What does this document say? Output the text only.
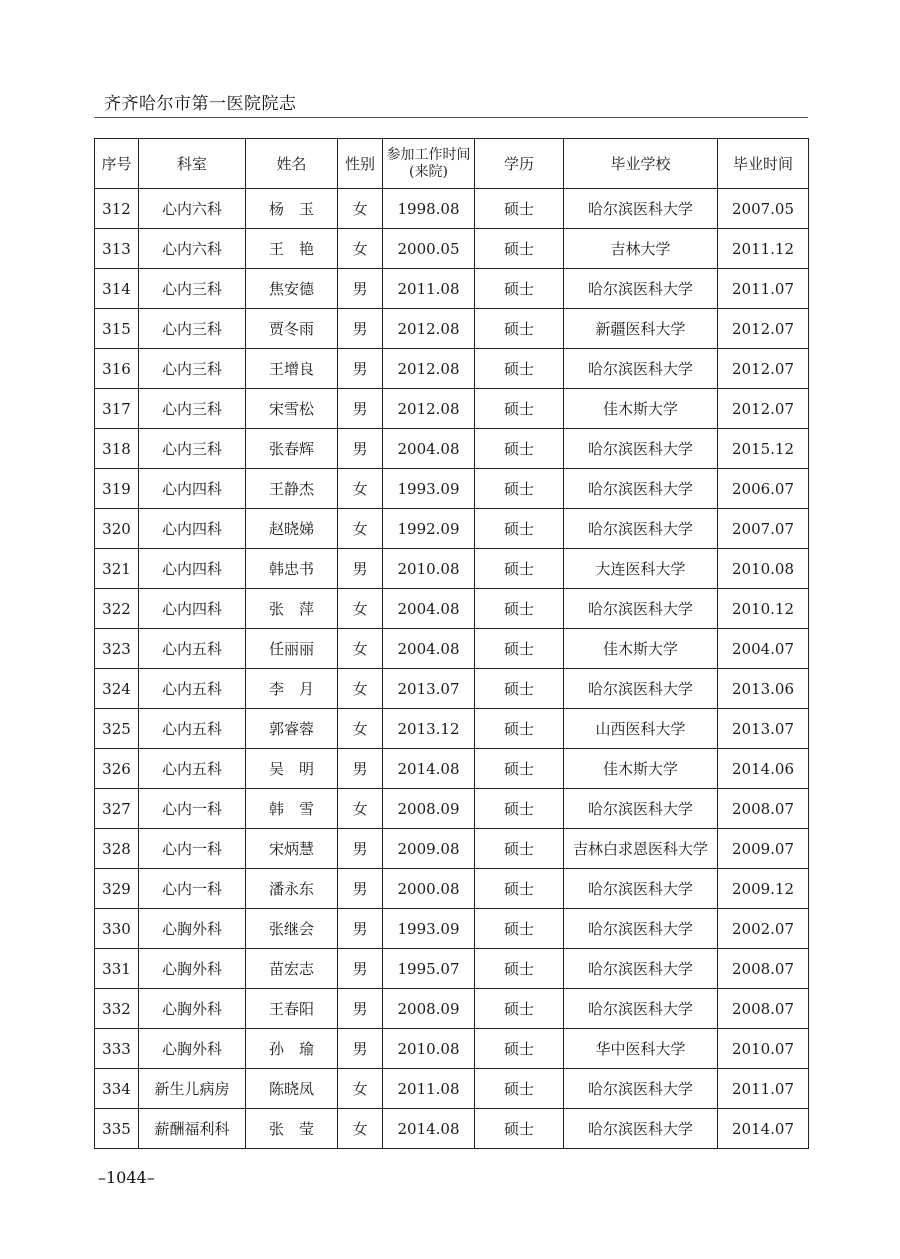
齐齐哈尔市第一医院院志
序号	科室	姓名	性别	参加工作时间(来院)	学历	毕业学校	毕业时间
312	心内六科	杨　玉	女	1998.08	硕士	哈尔滨医科大学	2007.05
313	心内六科	王　艳	女	2000.05	硕士	吉林大学	2011.12
314	心内三科	焦安德	男	2011.08	硕士	哈尔滨医科大学	2011.07
315	心内三科	贾冬雨	男	2012.08	硕士	新疆医科大学	2012.07
316	心内三科	王增良	男	2012.08	硕士	哈尔滨医科大学	2012.07
317	心内三科	宋雪松	男	2012.08	硕士	佳木斯大学	2012.07
318	心内三科	张春辉	男	2004.08	硕士	哈尔滨医科大学	2015.12
319	心内四科	王静杰	女	1993.09	硕士	哈尔滨医科大学	2006.07
320	心内四科	赵晓娣	女	1992.09	硕士	哈尔滨医科大学	2007.07
321	心内四科	韩忠书	男	2010.08	硕士	大连医科大学	2010.08
322	心内四科	张　萍	女	2004.08	硕士	哈尔滨医科大学	2010.12
323	心内五科	任丽丽	女	2004.08	硕士	佳木斯大学	2004.07
324	心内五科	李　月	女	2013.07	硕士	哈尔滨医科大学	2013.06
325	心内五科	郭睿蓉	女	2013.12	硕士	山西医科大学	2013.07
326	心内五科	吴　明	男	2014.08	硕士	佳木斯大学	2014.06
327	心内一科	韩　雪	女	2008.09	硕士	哈尔滨医科大学	2008.07
328	心内一科	宋炳慧	男	2009.08	硕士	吉林白求恩医科大学	2009.07
329	心内一科	潘永东	男	2000.08	硕士	哈尔滨医科大学	2009.12
330	心胸外科	张继会	男	1993.09	硕士	哈尔滨医科大学	2002.07
331	心胸外科	苗宏志	男	1995.07	硕士	哈尔滨医科大学	2008.07
332	心胸外科	王春阳	男	2008.09	硕士	哈尔滨医科大学	2008.07
333	心胸外科	孙　瑜	男	2010.08	硕士	华中医科大学	2010.07
334	新生儿病房	陈晓凤	女	2011.08	硕士	哈尔滨医科大学	2011.07
335	薪酬福利科	张　莹	女	2014.08	硕士	哈尔滨医科大学	2014.07
–1044–
